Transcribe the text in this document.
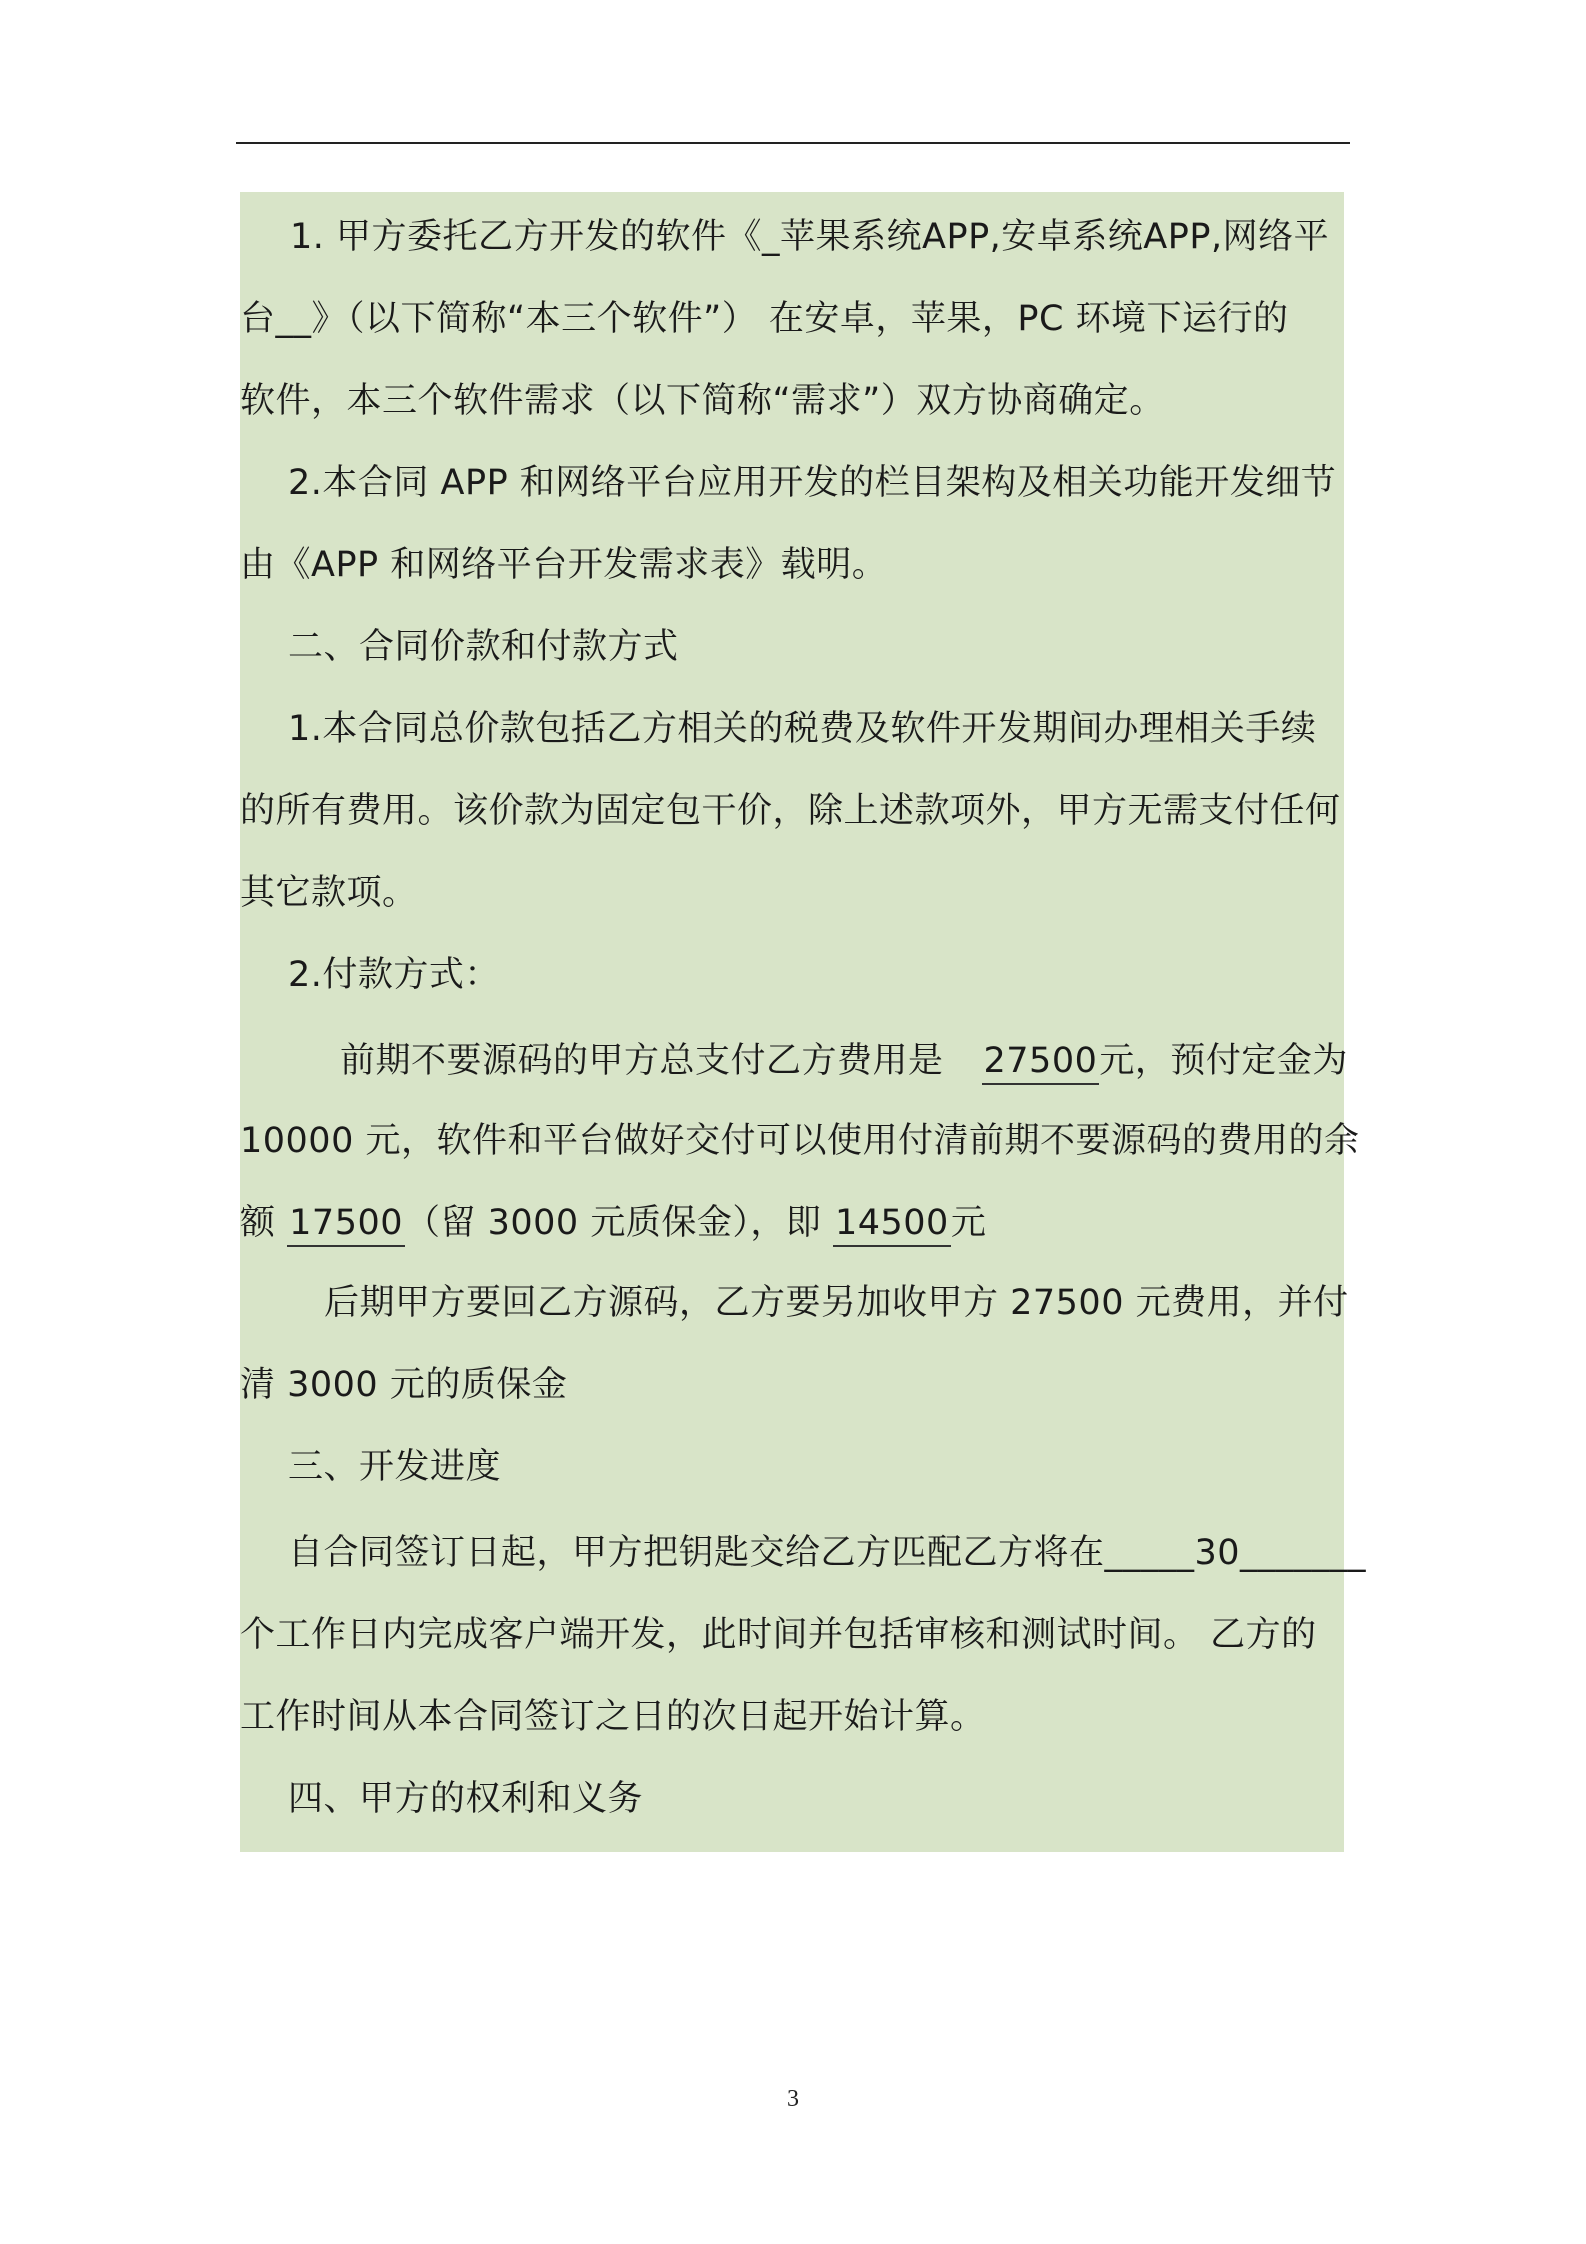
1. 甲方委托乙方开发的软件《_苹果系统APP,安卓系统APP,网络平
台__》（以下简称“本三个软件”） 在安卓，苹果，PC 环境下运行的
软件，本三个软件需求（以下简称“需求”）双方协商确定。
2.本合同 APP 和网络平台应用开发的栏目架构及相关功能开发细节
由《APP 和网络平台开发需求表》载明。
二、合同价款和付款方式
1.本合同总价款包括乙方相关的税费及软件开发期间办理相关手续
的所有费用。该价款为固定包干价，除上述款项外，甲方无需支付任何
其它款项。
2.付款方式：
前期不要源码的甲方总支付乙方费用是 27500元，预付定金为
10000 元，软件和平台做好交付可以使用付清前期不要源码的费用的余
额 17500（留 3000 元质保金），即 14500元
后期甲方要回乙方源码，乙方要另加收甲方 27500 元费用，并付
清 3000 元的质保金
三、开发进度
自合同签订日起，甲方把钥匙交给乙方匹配乙方将在_____30_______
个工作日内完成客户端开发，此时间并包括审核和测试时间。 乙方的
工作时间从本合同签订之日的次日起开始计算。
四、甲方的权利和义务
3
